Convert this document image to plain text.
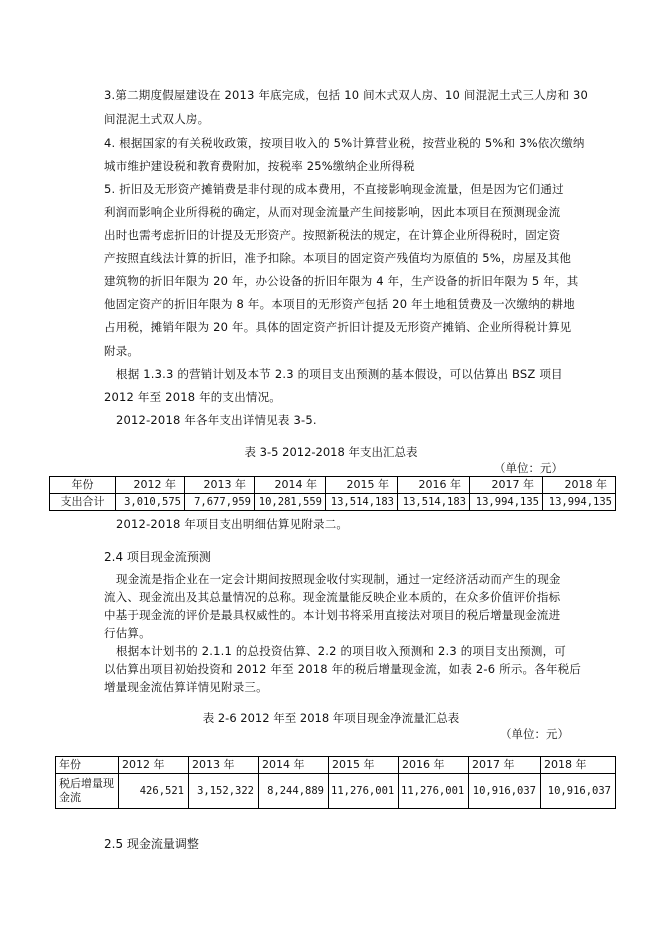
3.第二期度假屋建设在 2013 年底完成，包括 10 间木式双人房、10 间混泥土式三人房和 30
间混泥土式双人房。
4. 根据国家的有关税收政策，按项目收入的 5%计算营业税，按营业税的 5%和 3%依次缴纳
城市维护建设税和教育费附加，按税率 25%缴纳企业所得税
5. 折旧及无形资产摊销费是非付现的成本费用，不直接影响现金流量，但是因为它们通过
利润而影响企业所得税的确定，从而对现金流量产生间接影响，因此本项目在预测现金流
出时也需考虑折旧的计提及无形资产。按照新税法的规定，在计算企业所得税时，固定资
产按照直线法计算的折旧，准予扣除。本项目的固定资产残值均为原值的 5%，房屋及其他
建筑物的折旧年限为 20 年，办公设备的折旧年限为 4 年，生产设备的折旧年限为 5 年，其
他固定资产的折旧年限为 8 年。本项目的无形资产包括 20 年土地租赁费及一次缴纳的耕地
占用税，摊销年限为 20 年。具体的固定资产折旧计提及无形资产摊销、企业所得税计算见
附录。
根据 1.3.3 的营销计划及本节 2.3 的项目支出预测的基本假设，可以估算出 BSZ 项目
2012 年至 2018 年的支出情况。
2012-2018 年各年支出详情见表 3-5.
表 3-5 2012-2018 年支出汇总表
（单位：元）
年份	2012 年	2013 年	2014 年	2015 年	2016 年	2017 年	2018 年
支出合计	3,010,575	7,677,959	10,281,559	13,514,183	13,514,183	13,994,135	13,994,135
2012-2018 年项目支出明细估算见附录二。
2.4 项目现金流预测
现金流是指企业在一定会计期间按照现金收付实现制，通过一定经济活动而产生的现金
流入、现金流出及其总量情况的总称。现金流量能反映企业本质的，在众多价值评价指标
中基于现金流的评价是最具权威性的。本计划书将采用直接法对项目的税后增量现金流进
行估算。
根据本计划书的 2.1.1 的总投资估算、2.2 的项目收入预测和 2.3 的项目支出预测，可
以估算出项目初始投资和 2012 年至 2018 年的税后增量现金流，如表 2-6 所示。各年税后
增量现金流估算详情见附录三。
表 2-6 2012 年至 2018 年项目现金净流量汇总表
（单位：元）
年份	2012 年	2013 年	2014 年	2015 年	2016 年	2017 年	2018 年
税后增量现金流	426,521	3,152,322	8,244,889	11,276,001	11,276,001	10,916,037	10,916,037
2.5 现金流量调整
